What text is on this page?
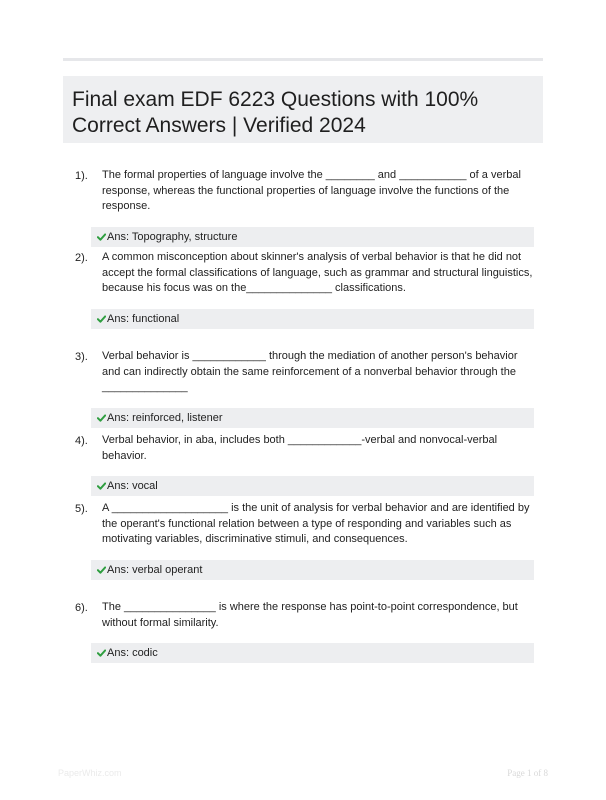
Final exam EDF 6223 Questions with 100% Correct Answers | Verified 2024
1). The formal properties of language involve the ________ and ___________ of a verbal response, whereas the functional properties of language involve the functions of the response.

Ans: Topography, structure
2). A common misconception about skinner's analysis of verbal behavior is that he did not accept the formal classifications of language, such as grammar and structural linguistics, because his focus was on the______________ classifications.

Ans: functional
3). Verbal behavior is ____________ through the mediation of another person's behavior and can indirectly obtain the same reinforcement of a nonverbal behavior through the ______________

Ans: reinforced, listener
4). Verbal behavior, in aba, includes both ____________-verbal and nonvocal-verbal behavior.

Ans: vocal
5). A ___________________ is the unit of analysis for verbal behavior and are identified by the operant's functional relation between a type of responding and variables such as motivating variables, discriminative stimuli, and consequences.

Ans: verbal operant
6). The _______________ is where the response has point-to-point correspondence, but without formal similarity.

Ans: codic
PaperWhiz.com	Page 1 of 8
